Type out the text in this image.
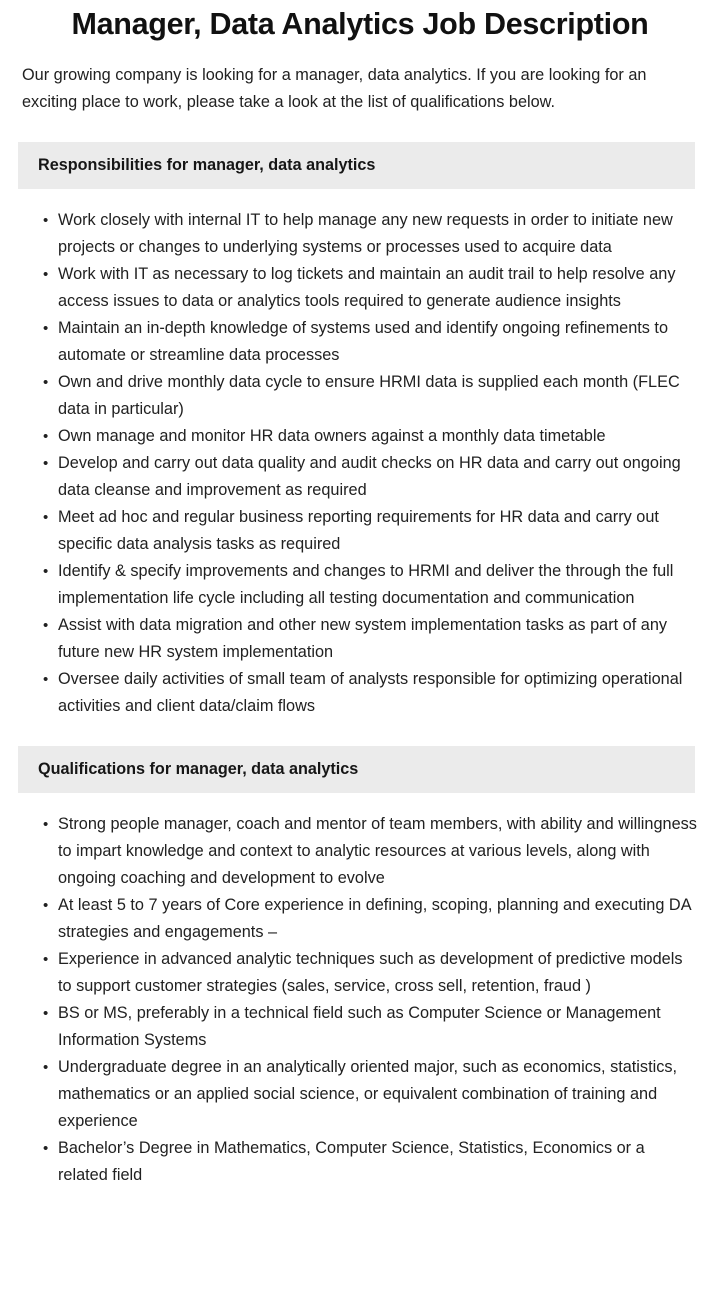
Manager, Data Analytics Job Description

Our growing company is looking for a manager, data analytics. If you are looking for an exciting place to work, please take a look at the list of qualifications below.

Responsibilities for manager, data analytics
• Work closely with internal IT to help manage any new requests in order to initiate new projects or changes to underlying systems or processes used to acquire data
• Work with IT as necessary to log tickets and maintain an audit trail to help resolve any access issues to data or analytics tools required to generate audience insights
• Maintain an in-depth knowledge of systems used and identify ongoing refinements to automate or streamline data processes
• Own and drive monthly data cycle to ensure HRMI data is supplied each month (FLEC data in particular)
• Own manage and monitor HR data owners against a monthly data timetable
• Develop and carry out data quality and audit checks on HR data and carry out ongoing data cleanse and improvement as required
• Meet ad hoc and regular business reporting requirements for HR data and carry out specific data analysis tasks as required
• Identify & specify improvements and changes to HRMI and deliver the through the full implementation life cycle including all testing documentation and communication
• Assist with data migration and other new system implementation tasks as part of any future new HR system implementation
• Oversee daily activities of small team of analysts responsible for optimizing operational activities and client data/claim flows
Qualifications for manager, data analytics
• Strong people manager, coach and mentor of team members, with ability and willingness to impart knowledge and context to analytic resources at various levels, along with ongoing coaching and development to evolve
• At least 5 to 7 years of Core experience in defining, scoping, planning and executing DA strategies and engagements –
• Experience in advanced analytic techniques such as development of predictive models to support customer strategies (sales, service, cross sell, retention, fraud )
• BS or MS, preferably in a technical field such as Computer Science or Management Information Systems
• Undergraduate degree in an analytically oriented major, such as economics, statistics, mathematics or an applied social science, or equivalent combination of training and experience
• Bachelor’s Degree in Mathematics, Computer Science, Statistics, Economics or a related field
